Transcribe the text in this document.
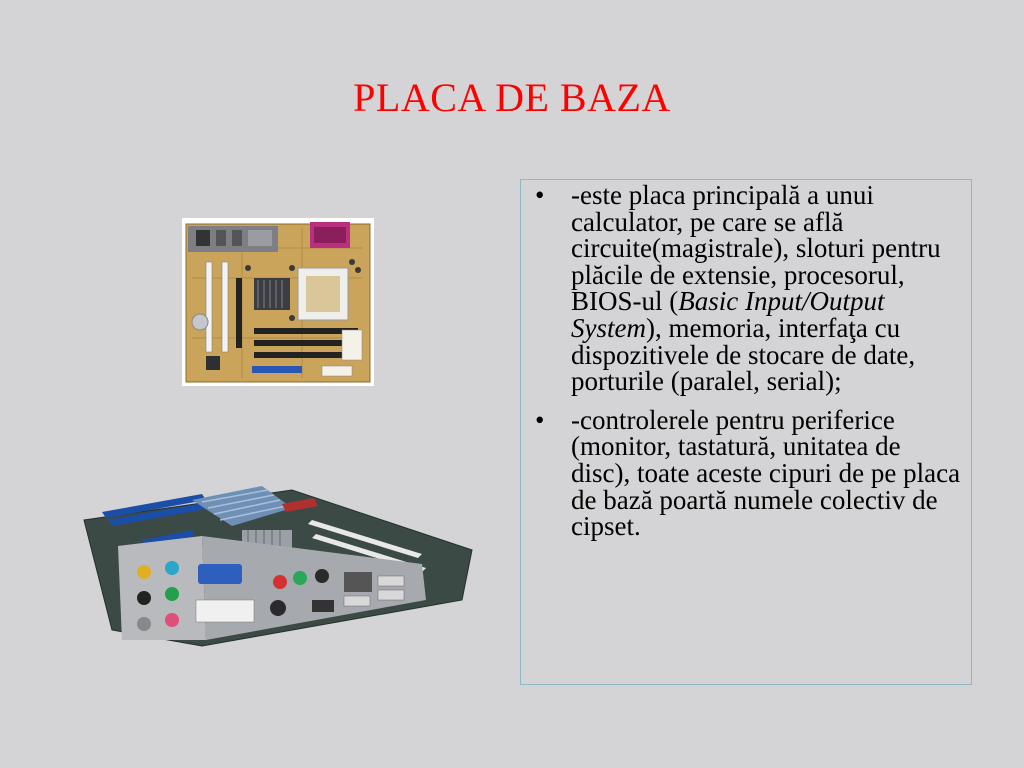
PLACA DE BAZA
• -este placa principală a unui calculator, pe care se află circuite(magistrale), sloturi pentru plăcile de extensie, procesorul, BIOS-ul (Basic Input/Output System), memoria, interfaţa cu dispozitivele de stocare de date, porturile (paralel, serial);
• -controlerele pentru periferice (monitor, tastatură, unitatea de disc), toate aceste cipuri de pe placa de bază poartă numele colectiv de cipset.
